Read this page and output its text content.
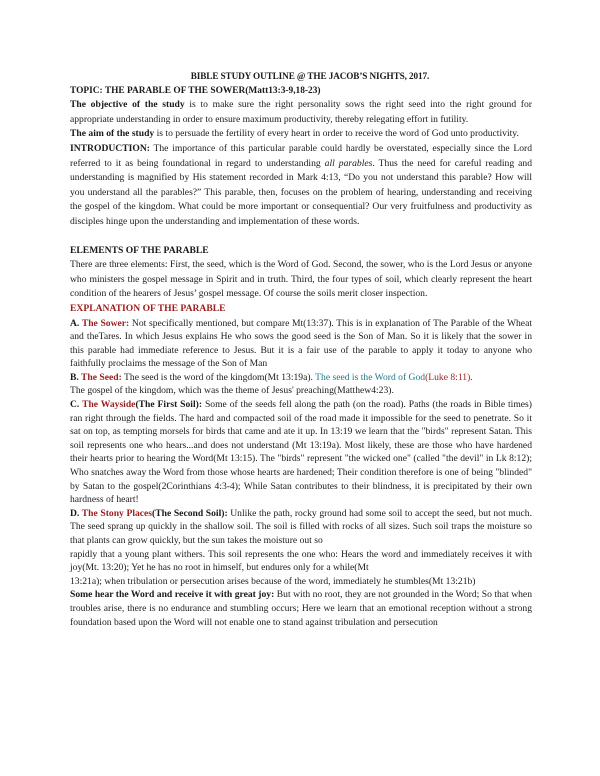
BIBLE STUDY OUTLINE @ THE JACOB’S NIGHTS, 2017.

TOPIC: THE PARABLE OF THE SOWER(Matt13:3-9,18-23)

The objective of the study is to make sure the right personality sows the right seed into the right ground for appropriate understanding in order to ensure maximum productivity, thereby relegating effort in futility.

The aim of the study is to persuade the fertility of every heart in order to receive the word of God unto productivity.

INTRODUCTION: The importance of this particular parable could hardly be overstated, especially since the Lord referred to it as being foundational in regard to understanding all parables. Thus the need for careful reading and understanding is magnified by His statement recorded in Mark 4:13, “Do you not understand this parable? How will you understand all the parables?” This parable, then, focuses on the problem of hearing, understanding and receiving the gospel of the kingdom. What could be more important or consequential? Our very fruitfulness and productivity as disciples hinge upon the understanding and implementation of these words.

ELEMENTS OF THE PARABLE

There are three elements: First, the seed, which is the Word of God. Second, the sower, who is the Lord Jesus or anyone who ministers the gospel message in Spirit and in truth. Third, the four types of soil, which clearly represent the heart condition of the hearers of Jesus’ gospel message. Of course the soils merit closer inspection.

EXPLANATION OF THE PARABLE

A. The Sower: Not specifically mentioned, but compare Mt(13:37). This is in explanation of The Parable of the Wheat and theTares. In which Jesus explains He who sows the good seed is the Son of Man. So it is likely that the sower in this parable had immediate reference to Jesus. But it is a fair use of the parable to apply it today to anyone who faithfully proclaims the message of the Son of Man

B. The Seed: The seed is the word of the kingdom(Mt 13:19a). The seed is the Word of God(Luke 8:11).
The gospel of the kingdom, which was the theme of Jesus' preaching(Matthew4:23).

C. The Wayside(The First Soil): Some of the seeds fell along the path (on the road). Paths (the roads in Bible times) ran right through the fields. The hard and compacted soil of the road made it impossible for the seed to penetrate. So it sat on top, as tempting morsels for birds that came and ate it up. In 13:19 we learn that the "birds" represent Satan. This soil represents one who hears...and does not understand (Mt 13:19a). Most likely, these are those who have hardened their hearts prior to hearing the Word(Mt 13:15). The "birds" represent "the wicked one" (called "the devil" in Lk 8:12); Who snatches away the Word from those whose hearts are hardened; Their condition therefore is one of being "blinded" by Satan to the gospel(2Corinthians 4:3-4); While Satan contributes to their blindness, it is precipitated by their own hardness of heart!

D. The Stony Places(The Second Soil): Unlike the path, rocky ground had some soil to accept the seed, but not much. The seed sprang up quickly in the shallow soil. The soil is filled with rocks of all sizes. Such soil traps the moisture so that plants can grow quickly, but the sun takes the moisture out so

rapidly that a young plant withers. This soil represents the one who: Hears the word and immediately receives it with joy(Mt. 13:20); Yet he has no root in himself, but endures only for a while(Mt

13:21a); when tribulation or persecution arises because of the word, immediately he stumbles(Mt 13:21b)

Some hear the Word and receive it with great joy: But with no root, they are not grounded in the Word; So that when troubles arise, there is no endurance and stumbling occurs; Here we learn that an emotional reception without a strong foundation based upon the Word will not enable one to stand against tribulation and persecution
